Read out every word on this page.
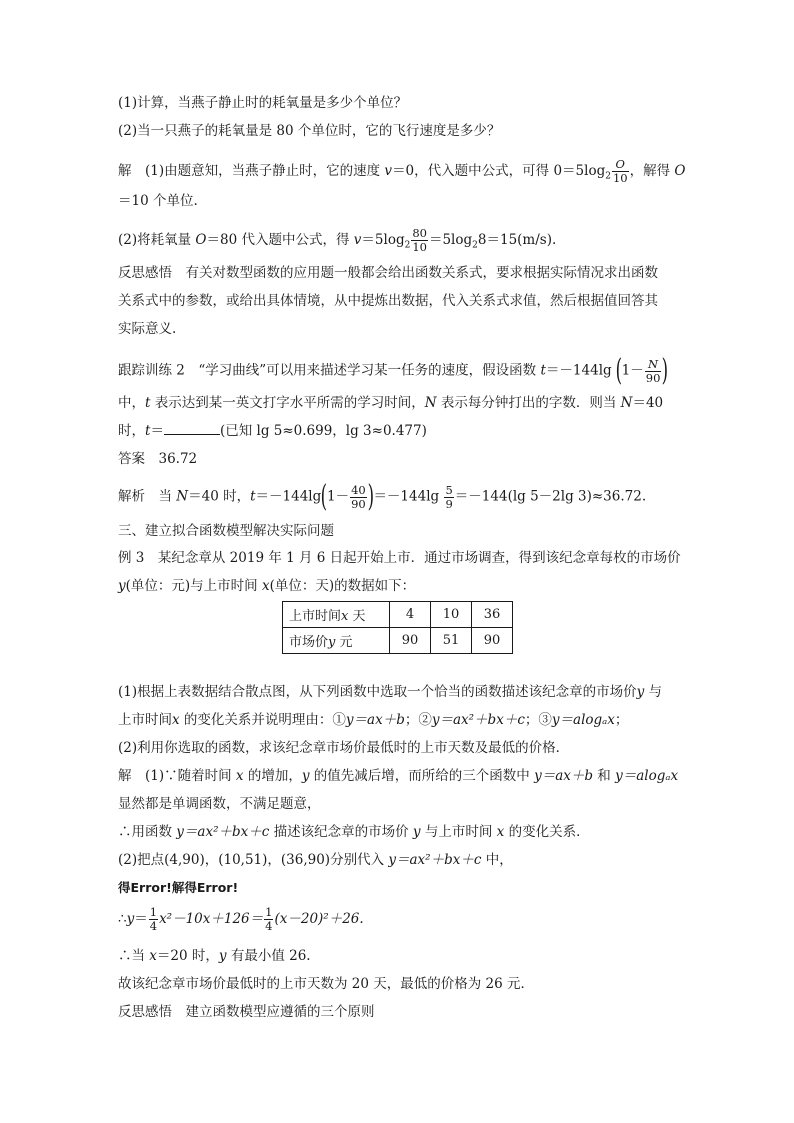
(1)计算，当燕子静止时的耗氧量是多少个单位？
(2)当一只燕子的耗氧量是 80 个单位时，它的飞行速度是多少？
解　(1)由题意知，当燕子静止时，它的速度 v＝0，代入题中公式，可得 $0=5\log_2 \frac{O}{10}$ ，解得 O
＝10 个单位.
(2)将耗氧量 O＝80 代入题中公式，得 $v=5\log_2 \frac{80}{10} =5\log_28=15(m/s)$.
反思感悟　有关对数型函数的应用题一般都会给出函数关系式，要求根据实际情况求出函数
关系式中的参数，或给出具体情境，从中提炼出数据，代入关系式求值，然后根据值回答其
实际意义.
跟踪训练 2　“学习曲线”可以用来描述学习某一任务的速度，假设函数 t＝－144lg ($1- \frac{N}{90}$ )
中，t 表示达到某一英文打字水平所需的学习时间，N 表示每分钟打出的字数．则当 N＝40
时，t＝	(已知 lg 5≈0.699，lg 3≈0.477)
答案　36.72
解析　当 N＝40 时，$t=-144\lg(1- \frac{40}{90} )=-144\lg \frac{5}{9} =-144(\lg$ 5－2lg 3)≈36.72.
三、建立拟合函数模型解决实际问题
例 3　某纪念章从 2019 年 1 月 6 日起开始上市．通过市场调查，得到该纪念章每枚的市场价
y(单位：元)与上市时间 x(单位：天)的数据如下：
上市时间x 天	4	10	36
市场价y 元	90	51	90
(1)根据上表数据结合散点图，从下列函数中选取一个恰当的函数描述该纪念章的市场价y 与
上市时间x 的变化关系并说明理由：①y＝ax＋b；②y＝ax²＋bx＋c；③y＝alogₐx；
(2)利用你选取的函数，求该纪念章市场价最低时的上市天数及最低的价格．
解　(1)∵随着时间 x 的增加，y 的值先减后增，而所给的三个函数中 y＝ax＋b 和 y＝alogₐx
显然都是单调函数，不满足题意，
∴用函数 y＝ax²＋bx＋c 描述该纪念章的市场价 y 与上市时间 x 的变化关系．
(2)把点(4,90)，(10,51)，(36,90)分别代入 y＝ax²＋bx＋c 中，
得Error!解得Error!
∴y＝ $\frac{1}{4} x^2-10x+126= \frac{1}{4} (x-20)^2+26$.
∴当 x＝20 时，y 有最小值 26.
故该纪念章市场价最低时的上市天数为 20 天，最低的价格为 26 元．
反思感悟　建立函数模型应遵循的三个原则
